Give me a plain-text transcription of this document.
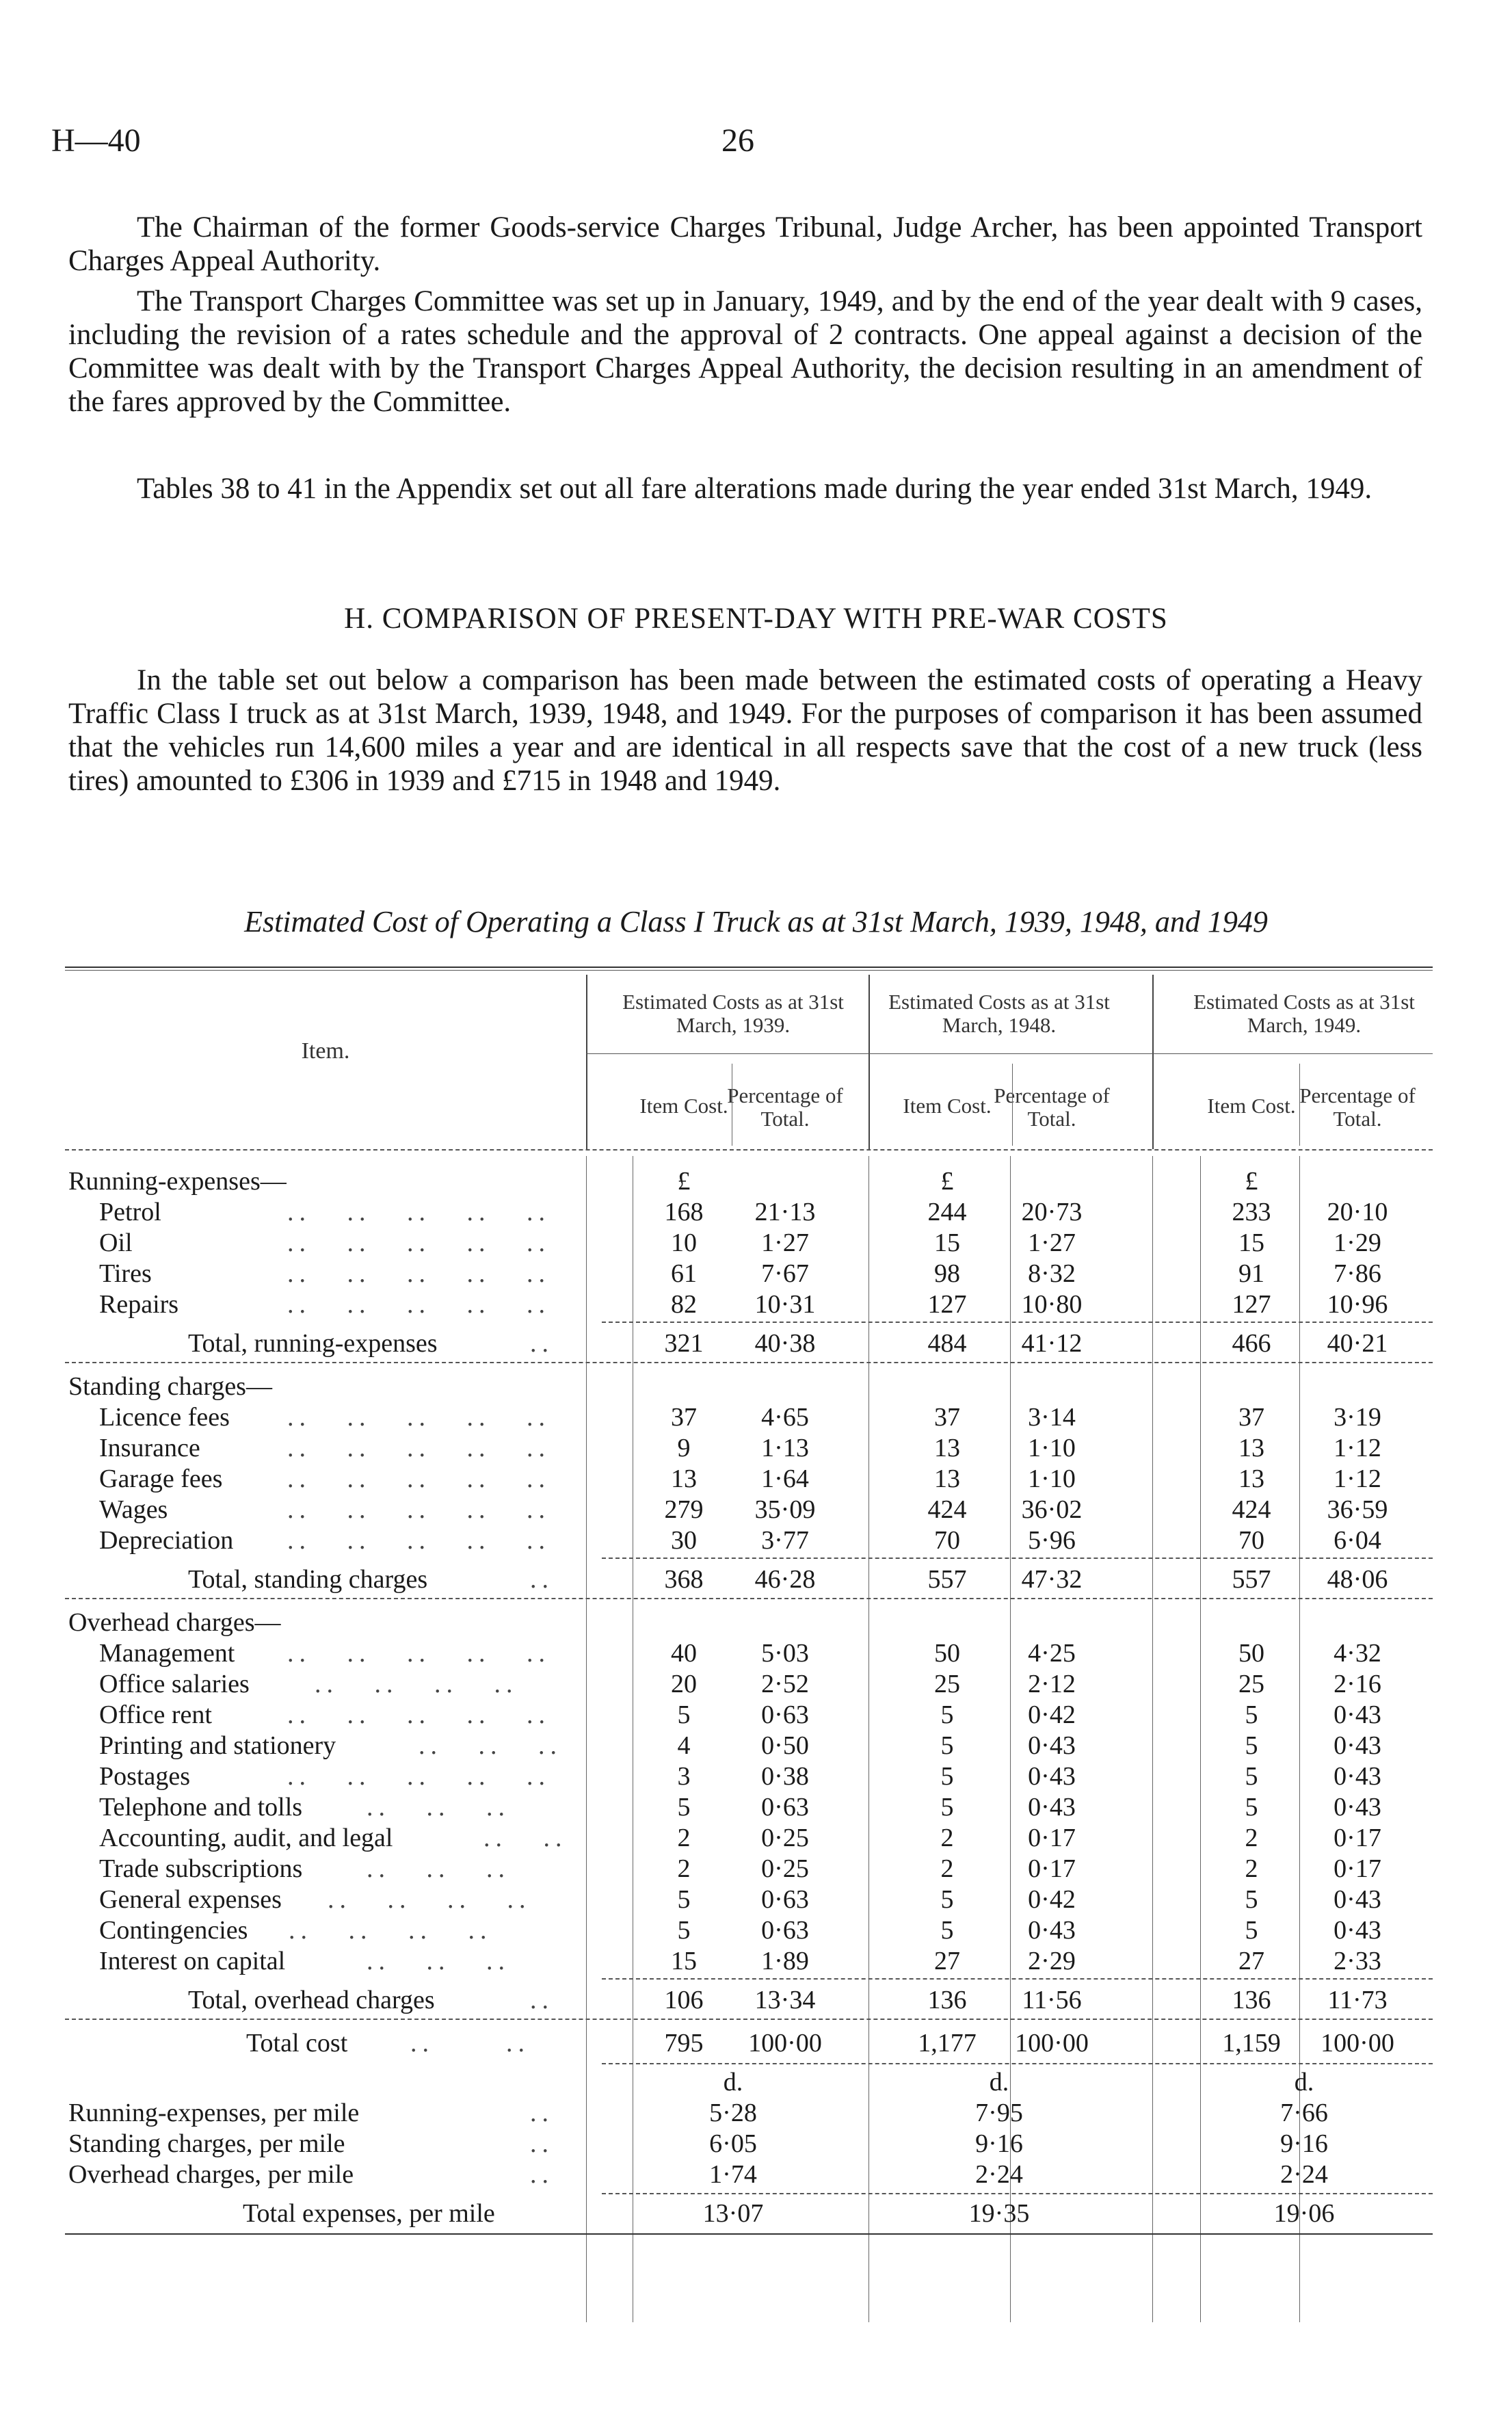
H—40	26
The Chairman of the former Goods-service Charges Tribunal, Judge Archer, has been appointed Transport Charges Appeal Authority.
The Transport Charges Committee was set up in January, 1949, and by the end of the year dealt with 9 cases, including the revision of a rates schedule and the approval of 2 contracts. One appeal against a decision of the Committee was dealt with by the Transport Charges Appeal Authority, the decision resulting in an amendment of the fares approved by the Committee.
Tables 38 to 41 in the Appendix set out all fare alterations made during the year ended 31st March, 1949.
H. COMPARISON OF PRESENT-DAY WITH PRE-WAR COSTS
In the table set out below a comparison has been made between the estimated costs of operating a Heavy Traffic Class I truck as at 31st March, 1939, 1948, and 1949. For the purposes of comparison it has been assumed that the vehicles run 14,600 miles a year and are identical in all respects save that the cost of a new truck (less tires) amounted to £306 in 1939 and £715 in 1948 and 1949.
Estimated Cost of Operating a Class I Truck as at 31st March, 1939, 1948, and 1949
Item.
Estimated Costs as at 31st March, 1939.
Estimated Costs as at 31st March, 1948.
Estimated Costs as at 31st March, 1949.
Item Cost.
Percentage of Total.
Item Cost. Percentage of Total.
Item Cost. Percentage of Total.
Running-expenses—	£	£	£
Petrol	..   ..   ..   ..   ..	168	21·13	244	20·73	233	20·10
Oil	..   ..   ..   ..   ..	10	1·27	15	1·27	15	1·29
Tires	..   ..   ..   ..   ..	61	7·67	98	8·32	91	7·86
Repairs	..   ..   ..   ..   ..	82	10·31	127	10·80	127	10·96
Total, running-expenses	..	321	40·38	484	41·12	466	40·21
Standing charges—
Licence fees ..   ..   ..   ..   ..	37	4·65	37	3·14	37	3·19
Insurance	..   ..   ..   ..   ..	9	1·13	13	1·10	13	1·12
Garage fees ..   ..   ..   ..   ..	13	1·64	13	1·10	13	1·12
Wages	..   ..   ..   ..   ..	279	35·09	424	36·02	424	36·59
Depreciation ..   ..   ..   ..   ..	30	3·77	70	5·96	70	6·04
Total, standing charges	..	368	46·28	557	47·32	557	48·06
Overhead charges—
Management ..   ..   ..   ..   ..	40	5·03	50	4·25	50	4·32
Office salaries	..   ..   ..   ..	20	2·52	25	2·12	25	2·16
Office rent	..   ..   ..   ..   ..	5	0·63	5	0·42	5	0·43
Printing and stationery	..   ..   ..	4	0·50	5	0·43	5	0·43
Postages	..   ..   ..   ..   ..	3	0·38	5	0·43	5	0·43
Telephone and tolls ..   ..   ..	5	0·63	5	0·43	5	0·43
Accounting, audit, and legal	..   ..	2	0·25	2	0·17	2	0·17
Trade subscriptions ..   ..   ..	2	0·25	2	0·17	2	0·17
General expenses ..   ..   ..   ..	5	0·63	5	0·42	5	0·43
Contingencies ..   ..   ..   ..	5	0·63	5	0·43	5	0·43
Interest on capital	..   ..   ..	15	1·89	27	2·29	27	2·33
Total, overhead charges	..	106	13·34	136	11·56	136	11·73
Total cost ..      ..	795	100·00	1,177	100·00	1,159	100·00
d.	d.	d.
Running-expenses, per mile	..	5·28	7·95	7·66
Standing charges, per mile	..	6·05	9·16	9·16
Overhead charges, per mile	..	1·74	2·24	2·24
Total expenses, per mile	13·07	19·35	19·06
